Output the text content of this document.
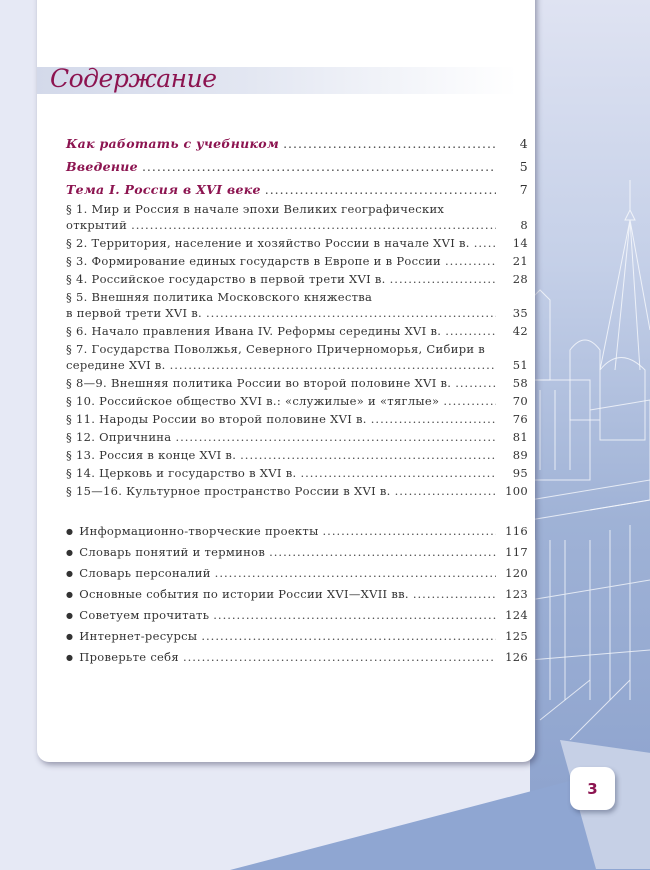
Содержание
Как работать с учебником .....	4
Введение .....	5
Тема I. Россия в XVI веке .....	7
§ 1. Мир и Россия в начале эпохи Великих географических
открытий .....	8
§ 2. Территория, население и хозяйство России в начале XVI в. .....	14
§ 3. Формирование единых государств в Европе и в России .....	21
§ 4. Российское государство в первой трети XVI в. .....	28
§ 5. Внешняя политика Московского княжества
в первой трети XVI в. .....	35
§ 6. Начало правления Ивана IV. Реформы середины XVI в. .....	42
§ 7. Государства Поволжья, Северного Причерноморья, Сибири в
середине XVI в. .....	51
§ 8—9. Внешняя политика России во второй половине XVI в. .....	58
§ 10. Российское общество XVI в.: «служилые» и «тяглые» .....	70
§ 11. Народы России во второй половине XVI в. .....	76
§ 12. Опричнина .....	81
§ 13. Россия в конце XVI в. .....	89
§ 14. Церковь и государство в XVI в. .....	95
§ 15—16. Культурное пространство России в XVI в. .....	100
● Информационно-творческие проекты .....	116
● Словарь понятий и терминов .....	117
● Словарь персоналий .....	120
● Основные события по истории России XVI—XVII вв. .....	123
● Советуем прочитать .....	124
● Интернет-ресурсы .....	125
● Проверьте себя .....	126
3
